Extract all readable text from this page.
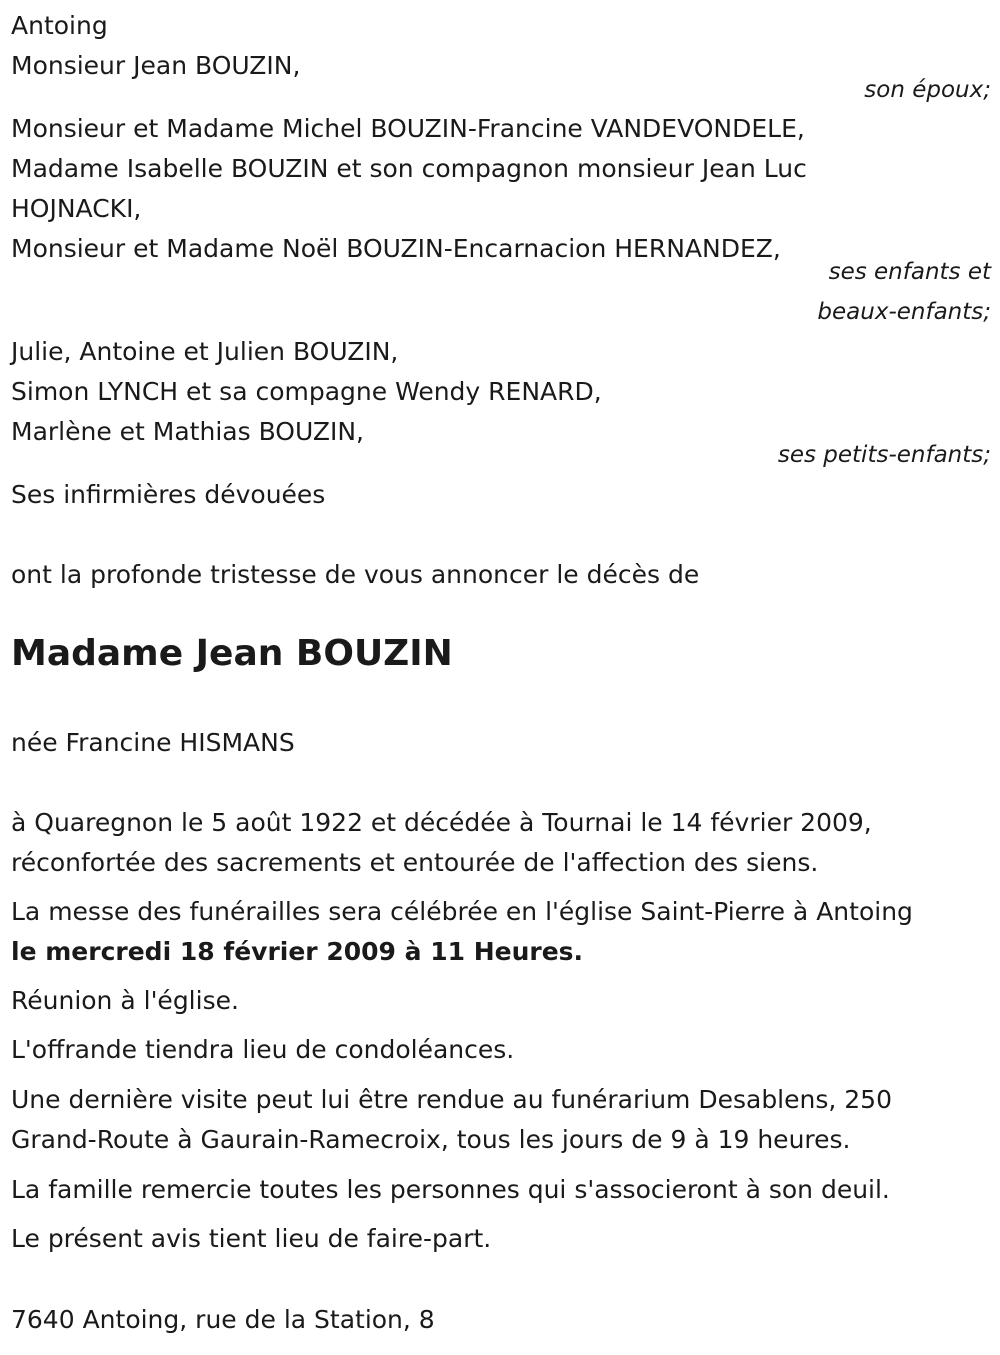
Antoing
Monsieur Jean BOUZIN,
son époux;
Monsieur et Madame Michel BOUZIN-Francine VANDEVONDELE,
Madame Isabelle BOUZIN et son compagnon monsieur Jean Luc
HOJNACKI,
Monsieur et Madame Noël BOUZIN-Encarnacion HERNANDEZ,
ses enfants et
beaux-enfants;
Julie, Antoine et Julien BOUZIN,
Simon LYNCH et sa compagne Wendy RENARD,
Marlène et Mathias BOUZIN,
ses petits-enfants;
Ses infirmières dévouées
ont la profonde tristesse de vous annoncer le décès de
Madame Jean BOUZIN
née Francine HISMANS
à Quaregnon le 5 août 1922 et décédée à Tournai le 14 février 2009,
réconfortée des sacrements et entourée de l'affection des siens.
La messe des funérailles sera célébrée en l'église Saint-Pierre à Antoing
le mercredi 18 février 2009 à 11 Heures.
Réunion à l'église.
L'offrande tiendra lieu de condoléances.
Une dernière visite peut lui être rendue au funérarium Desablens, 250
Grand-Route à Gaurain-Ramecroix, tous les jours de 9 à 19 heures.
La famille remercie toutes les personnes qui s'associeront à son deuil.
Le présent avis tient lieu de faire-part.
7640 Antoing, rue de la Station, 8
